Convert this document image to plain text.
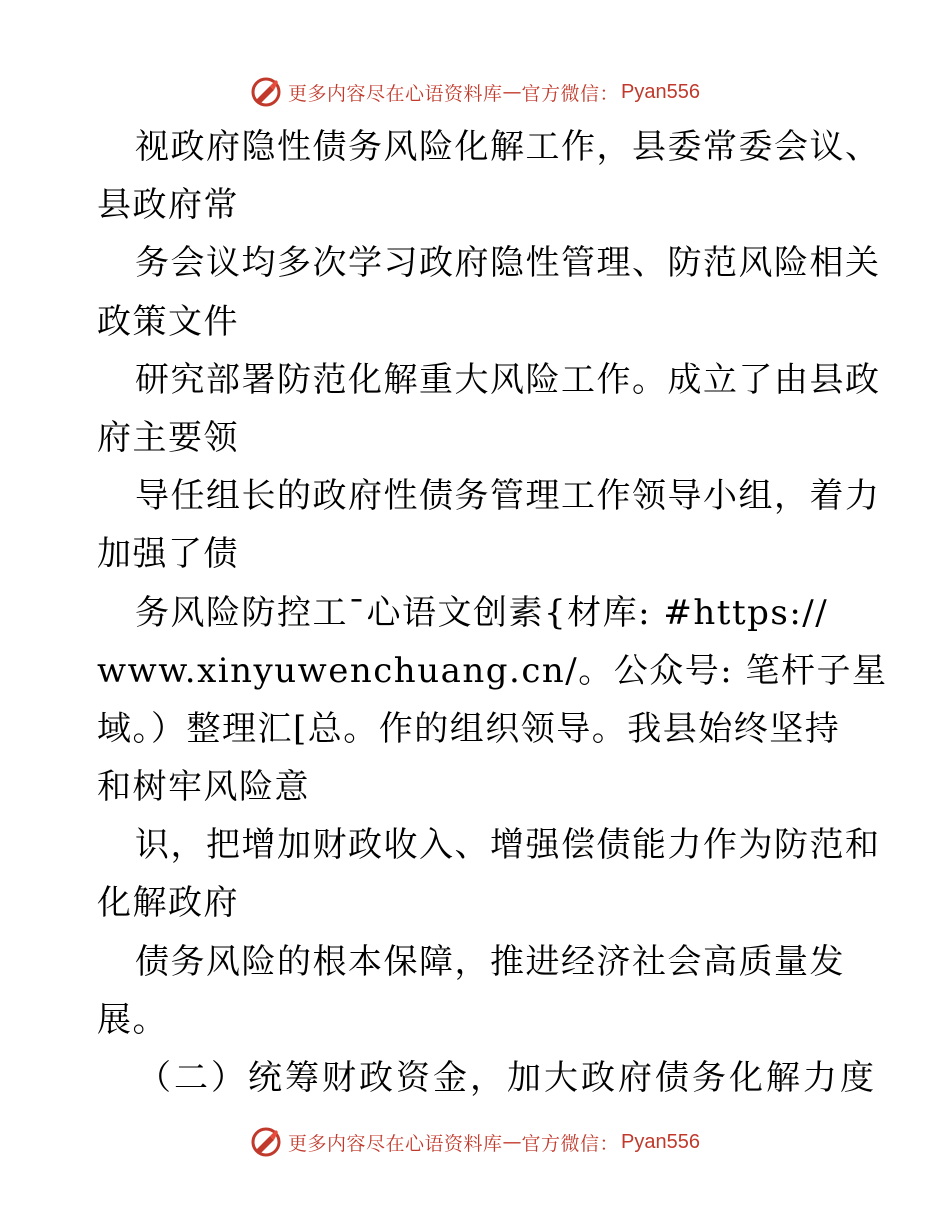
更多内容尽在心语资料库 — 官方微信： Pyan556
视政府隐性债务风险化解工作，县委常委会议、
县政府常
务会议均多次学习政府隐性管理、防范风险相关
政策文件
研究部署防范化解重大风险工作。成立了由县政
府主要领
导任组长的政府性债务管理工作领导小组，着力
加强了债
务风险防控工¯心语文创素{材库: #https://
www.xinyuwenchuang.cn/。公众号: 笔杆子星
域。）整理汇[总。作的组织领导。我县始终坚持
和树牢风险意
识，把增加财政收入、增强偿债能力作为防范和
化解政府
债务风险的根本保障，推进经济社会高质量发
展。
（二）统筹财政资金，加大政府债务化解力度
更多内容尽在心语资料库 — 官方微信： Pyan556
